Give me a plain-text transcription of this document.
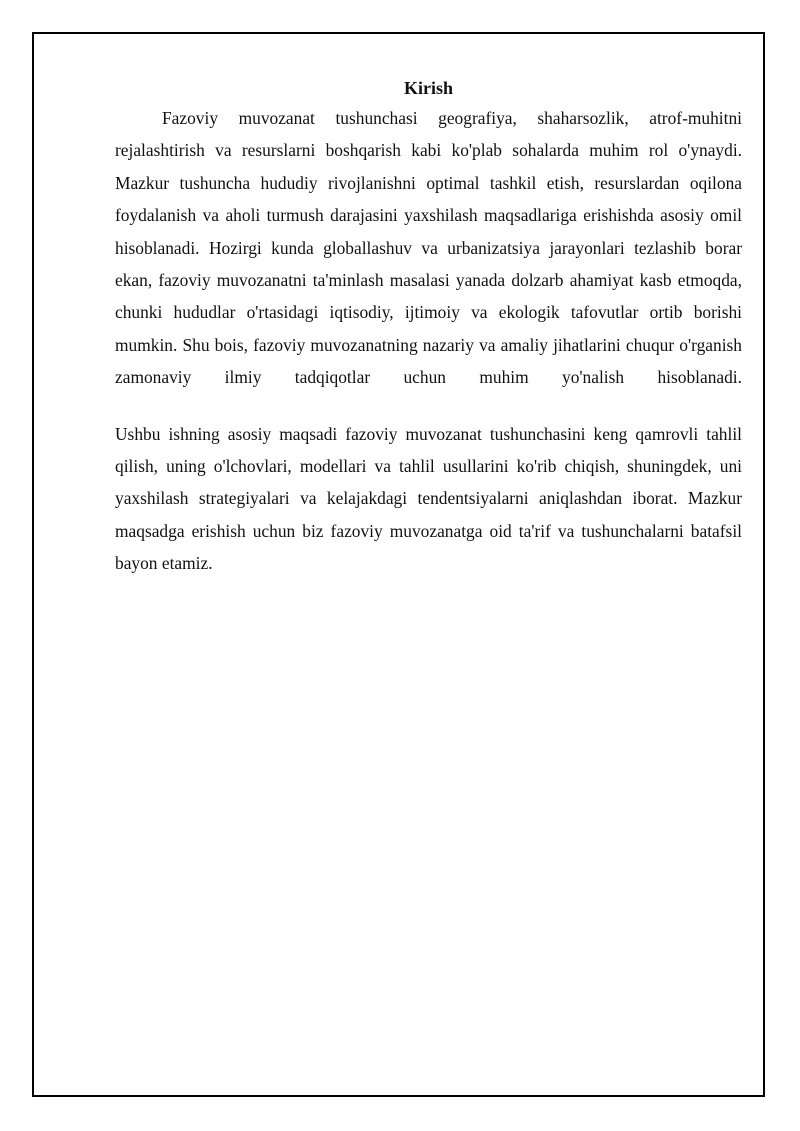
Kirish

Fazoviy muvozanat tushunchasi geografiya, shaharsozlik, atrof-muhitni rejalashtirish va resurslarni boshqarish kabi ko'plab sohalarda muhim rol o'ynaydi. Mazkur tushuncha hududiy rivojlanishni optimal tashkil etish, resurslardan oqilona foydalanish va aholi turmush darajasini yaxshilash maqsadlariga erishishda asosiy omil hisoblanadi. Hozirgi kunda globallashuv va urbanizatsiya jarayonlari tezlashib borar ekan, fazoviy muvozanatni ta'minlash masalasi yanada dolzarb ahamiyat kasb etmoqda, chunki hududlar o'rtasidagi iqtisodiy, ijtimoiy va ekologik tafovutlar ortib borishi mumkin. Shu bois, fazoviy muvozanatning nazariy va amaliy jihatlarini chuqur o'rganish zamonaviy ilmiy tadqiqotlar uchun muhim yo'nalish hisoblanadi.

Ushbu ishning asosiy maqsadi fazoviy muvozanat tushunchasini keng qamrovli tahlil qilish, uning o'lchovlari, modellari va tahlil usullarini ko'rib chiqish, shuningdek, uni yaxshilash strategiyalari va kelajakdagi tendentsiyalarni aniqlashdan iborat. Mazkur maqsadga erishish uchun biz fazoviy muvozanatga oid ta'rif va tushunchalarni batafsil bayon etamiz.
